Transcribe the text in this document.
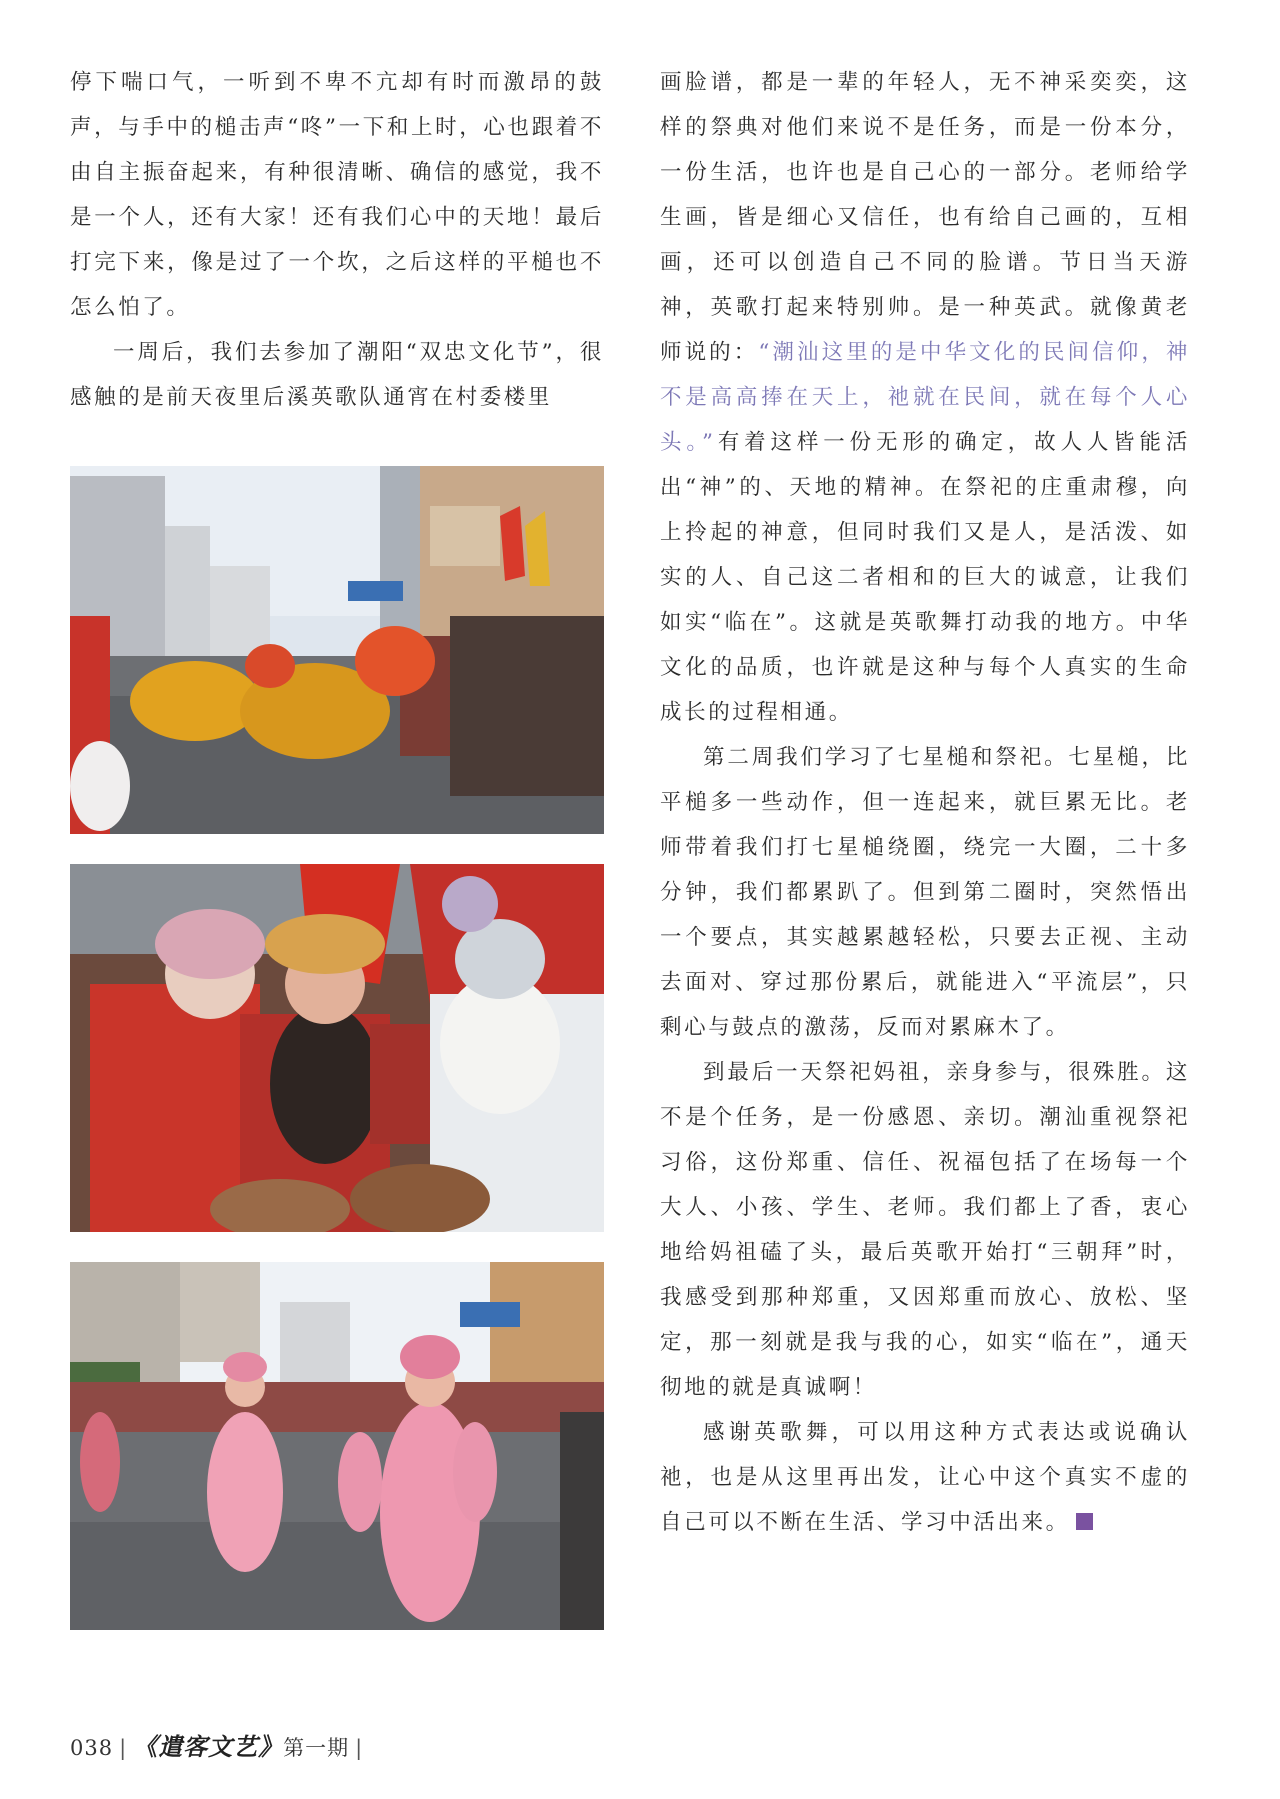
停下喘口气，一听到不卑不亢却有时而激昂的鼓声，与手中的槌击声“咚”一下和上时，心也跟着不由自主振奋起来，有种很清晰、确信的感觉，我不是一个人，还有大家！还有我们心中的天地！最后打完下来，像是过了一个坎，之后这样的平槌也不怎么怕了。

一周后，我们去参加了潮阳“双忠文化节”，很感触的是前天夜里后溪英歌队通宵在村委楼里

画脸谱，都是一辈的年轻人，无不神采奕奕，这样的祭典对他们来说不是任务，而是一份本分，一份生活，也许也是自己心的一部分。老师给学生画，皆是细心又信任，也有给自己画的，互相画，还可以创造自己不同的脸谱。节日当天游神，英歌打起来特别帅。是一种英武。就像黄老师说的：“潮汕这里的是中华文化的民间信仰，神不是高高捧在天上，祂就在民间，就在每个人心头。”有着这样一份无形的确定，故人人皆能活出“神”的、天地的精神。在祭祀的庄重肃穆，向上拎起的神意，但同时我们又是人，是活泼、如实的人、自己这二者相和的巨大的诚意，让我们如实“临在”。这就是英歌舞打动我的地方。中华文化的品质，也许就是这种与每个人真实的生命成长的过程相通。

第二周我们学习了七星槌和祭祀。七星槌，比平槌多一些动作，但一连起来，就巨累无比。老师带着我们打七星槌绕圈，绕完一大圈，二十多分钟，我们都累趴了。但到第二圈时，突然悟出一个要点，其实越累越轻松，只要去正视、主动去面对、穿过那份累后，就能进入“平流层”，只剩心与鼓点的激荡，反而对累麻木了。

到最后一天祭祀妈祖，亲身参与，很殊胜。这不是个任务，是一份感恩、亲切。潮汕重视祭祀习俗，这份郑重、信任、祝福包括了在场每一个大人、小孩、学生、老师。我们都上了香，衷心地给妈祖磕了头，最后英歌开始打“三朝拜”时，我感受到那种郑重，又因郑重而放心、放松、坚定，那一刻就是我与我的心，如实“临在”，通天彻地的就是真诚啊！

感谢英歌舞，可以用这种方式表达或说确认祂，也是从这里再出发，让心中这个真实不虚的自己可以不断在生活、学习中活出来。

038 | 《遣客文艺》第一期 |
